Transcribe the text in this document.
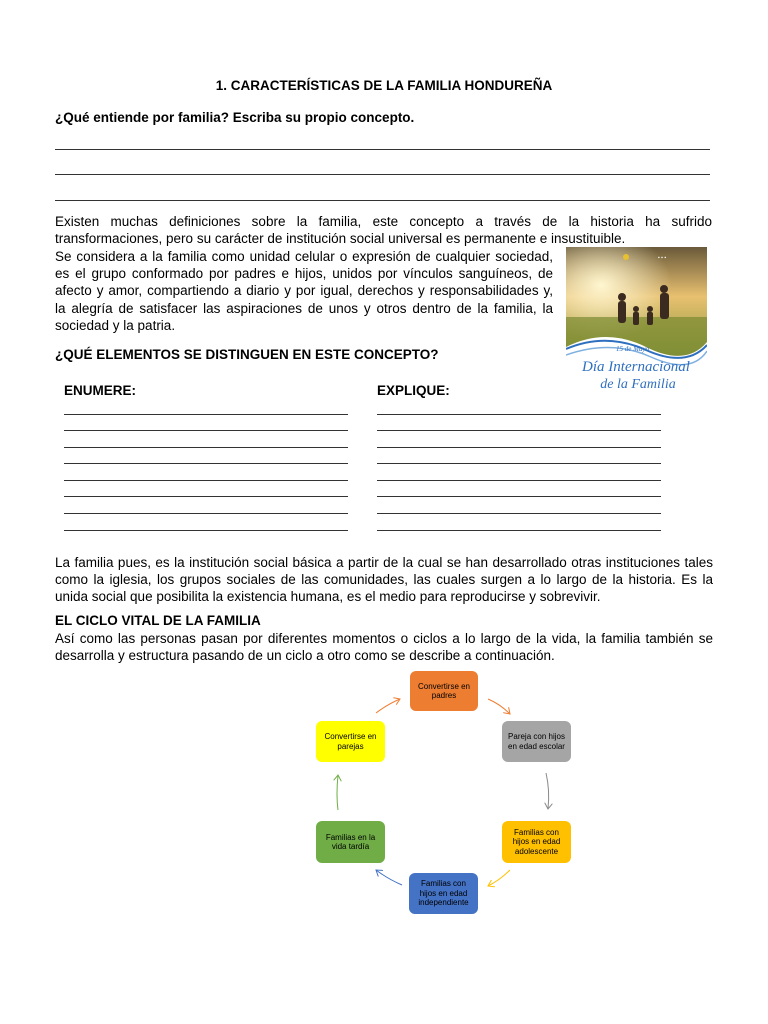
1. CARACTERÍSTICAS DE LA FAMILIA HONDUREÑA
¿Qué entiende por familia? Escriba su propio concepto.

Existen muchas definiciones sobre la familia, este concepto a través de la historia ha sufrido transformaciones, pero su carácter de institución social universal es permanente e insustituible.

Se considera a la familia como unidad celular o expresión de cualquier sociedad, es el grupo conformado por padres e hijos, unidos por vínculos sanguíneos, de afecto y amor, compartiendo a diario y por igual, derechos y responsabilidades y, la alegría de satisfacer las aspiraciones de unos y otros dentro de la familia, la sociedad y la patria.

▪ ▪ ▪
15 de Mayo
Día Internacional
de la Familia
¿QUÉ ELEMENTOS SE DISTINGUEN EN ESTE CONCEPTO?
ENUMERE:	EXPLIQUE:

La familia pues, es la institución social básica a partir de la cual se han desarrollado otras instituciones tales como la iglesia, los grupos sociales de las comunidades, las cuales surgen a lo largo de la historia. Es la unida social que posibilita la existencia humana, es el medio para reproducirse y sobrevivir.

EL CICLO VITAL DE LA FAMILIA

Así como las personas pasan por diferentes momentos o ciclos a lo largo de la vida, la familia también se desarrolla y estructura pasando de un ciclo a otro como se describe a continuación.

Convertirse en padres
Pareja con hijos en edad escolar
Familias con hijos en edad adolescente
Familias con hijos en edad independiente
Familias en la vida tardía
Convertirse en parejas
